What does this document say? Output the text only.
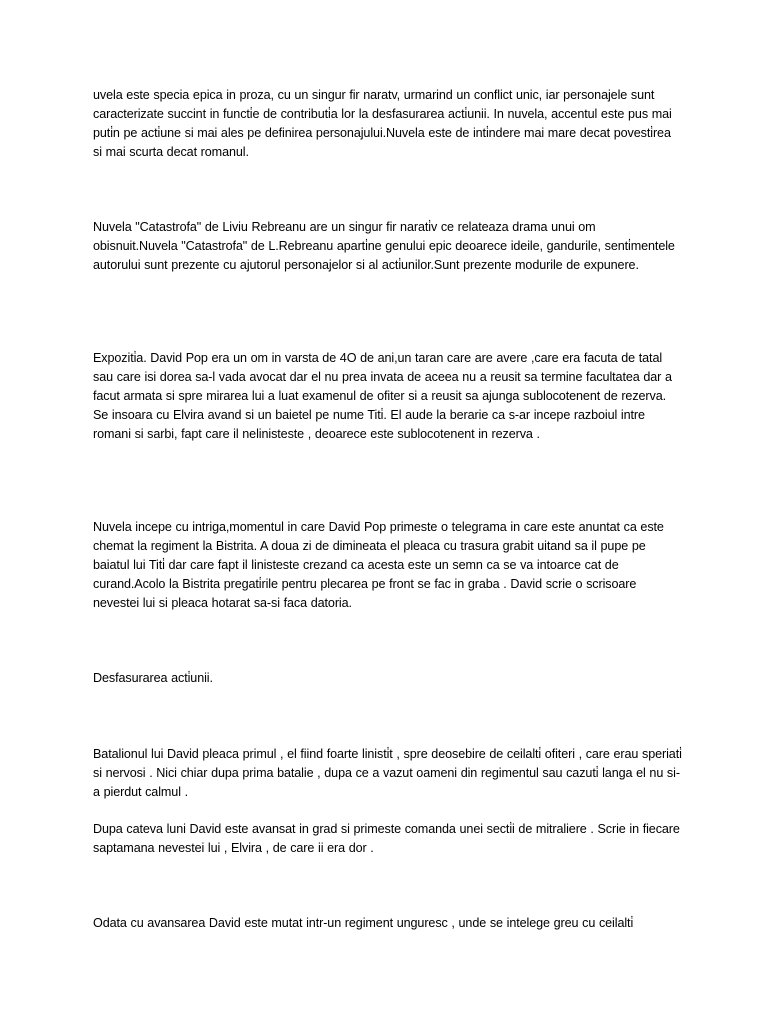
uvela este specia epica in proza, cu un singur fir naratv, urmarind un conflict unic, iar personajele sunt caracterizate succint in functi̇e de contributi̇a lor la desfasurarea acti̇unii. In nuvela, accentul este pus mai puti̇n pe acti̇une si mai ales pe definirea personajului.Nuvela este de inti̇ndere mai mare decat povesti̇rea si mai scurta decat romanul.

Nuvela "Catastrofa" de Liviu Rebreanu are un singur fir narati̇v ce relateaza drama unui om obisnuit.Nuvela "Catastrofa" de L.Rebreanu aparti̇ne genului epic deoarece ideile, gandurile, senti̇mentele autorului sunt prezente cu ajutorul personajelor si al acti̇unilor.Sunt prezente modurile de expunere.

Expoziti̇a. David Pop era un om in varsta de 4O de ani,un taran care are avere ,care era facuta de tatal sau care isi dorea sa-l vada avocat dar el nu prea invata de aceea nu a reusit sa termine facultatea dar a facut armata si spre mirarea lui a luat examenul de ofiter si a reusit sa ajunga sublocotenent de rezerva. Se insoara cu Elvira avand si un baietel pe nume Titi̇. El aude la berarie ca s-ar incepe razboiul intre romani si sarbi, fapt care il nelinisteste , deoarece este sublocotenent in rezerva .

Nuvela incepe cu intriga,momentul in care David Pop primeste o telegrama in care este anuntat ca este chemat la regiment la Bistrita. A doua zi de dimineata el pleaca cu trasura grabit uitand sa il pupe pe baiatul lui Titi̇ dar care fapt il linisteste crezand ca acesta este un semn ca se va intoarce cat de curand.Acolo la Bistrita pregati̇rile pentru plecarea pe front se fac in graba . David scrie o scrisoare nevestei lui si pleaca hotarat sa-si faca datoria.

Desfasurarea acti̇unii.

Batalionul lui David pleaca primul , el fiind foarte linisti̇t , spre deosebire de ceilalti̇ ofiteri , care erau speriati̇ si nervosi . Nici chiar dupa prima batalie , dupa ce a vazut oameni din regimentul sau cazuti̇ langa el nu si-a pierdut calmul .

Dupa cateva luni David este avansat in grad si primeste comanda unei secti̇i de mitraliere . Scrie in fiecare saptamana nevestei lui , Elvira , de care ii era dor .

Odata cu avansarea David este mutat intr-un regiment unguresc , unde se intelege greu cu ceilalti̇
